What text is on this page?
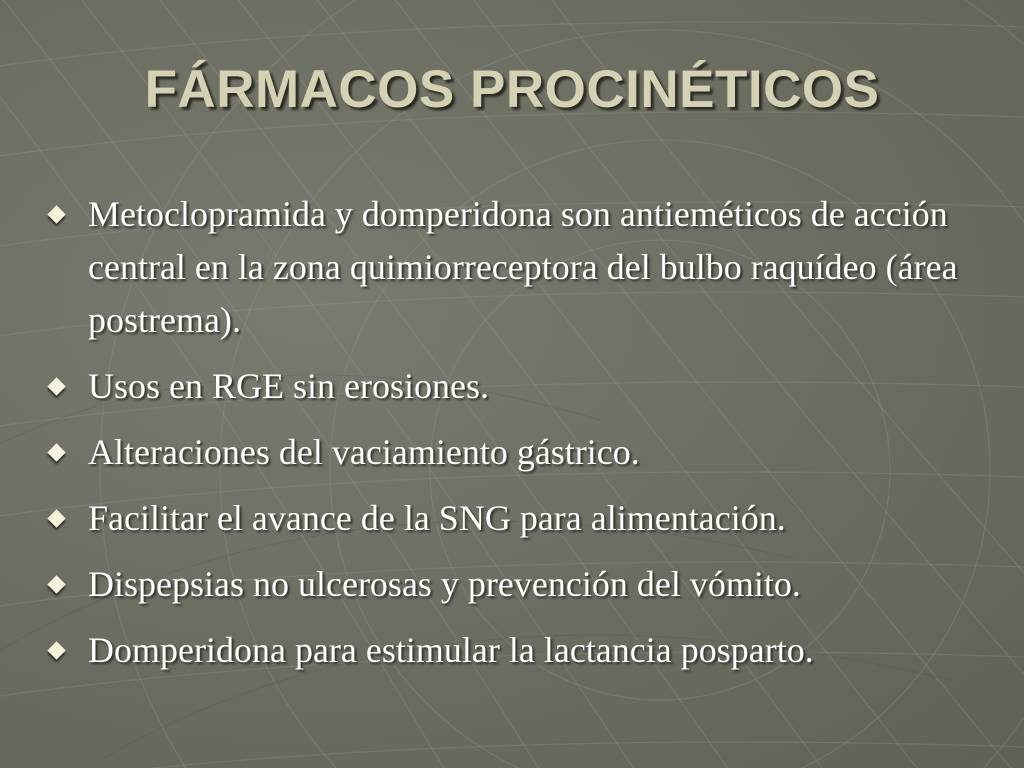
FÁRMACOS PROCINÉTICOS
Metoclopramida y domperidona son antieméticos de acción central en la zona quimiorreceptora del bulbo raquídeo (área postrema).
Usos en RGE sin erosiones.
Alteraciones del vaciamiento gástrico.
Facilitar el avance de la SNG para alimentación.
Dispepsias no ulcerosas y prevención del vómito.
Domperidona para estimular la lactancia posparto.
